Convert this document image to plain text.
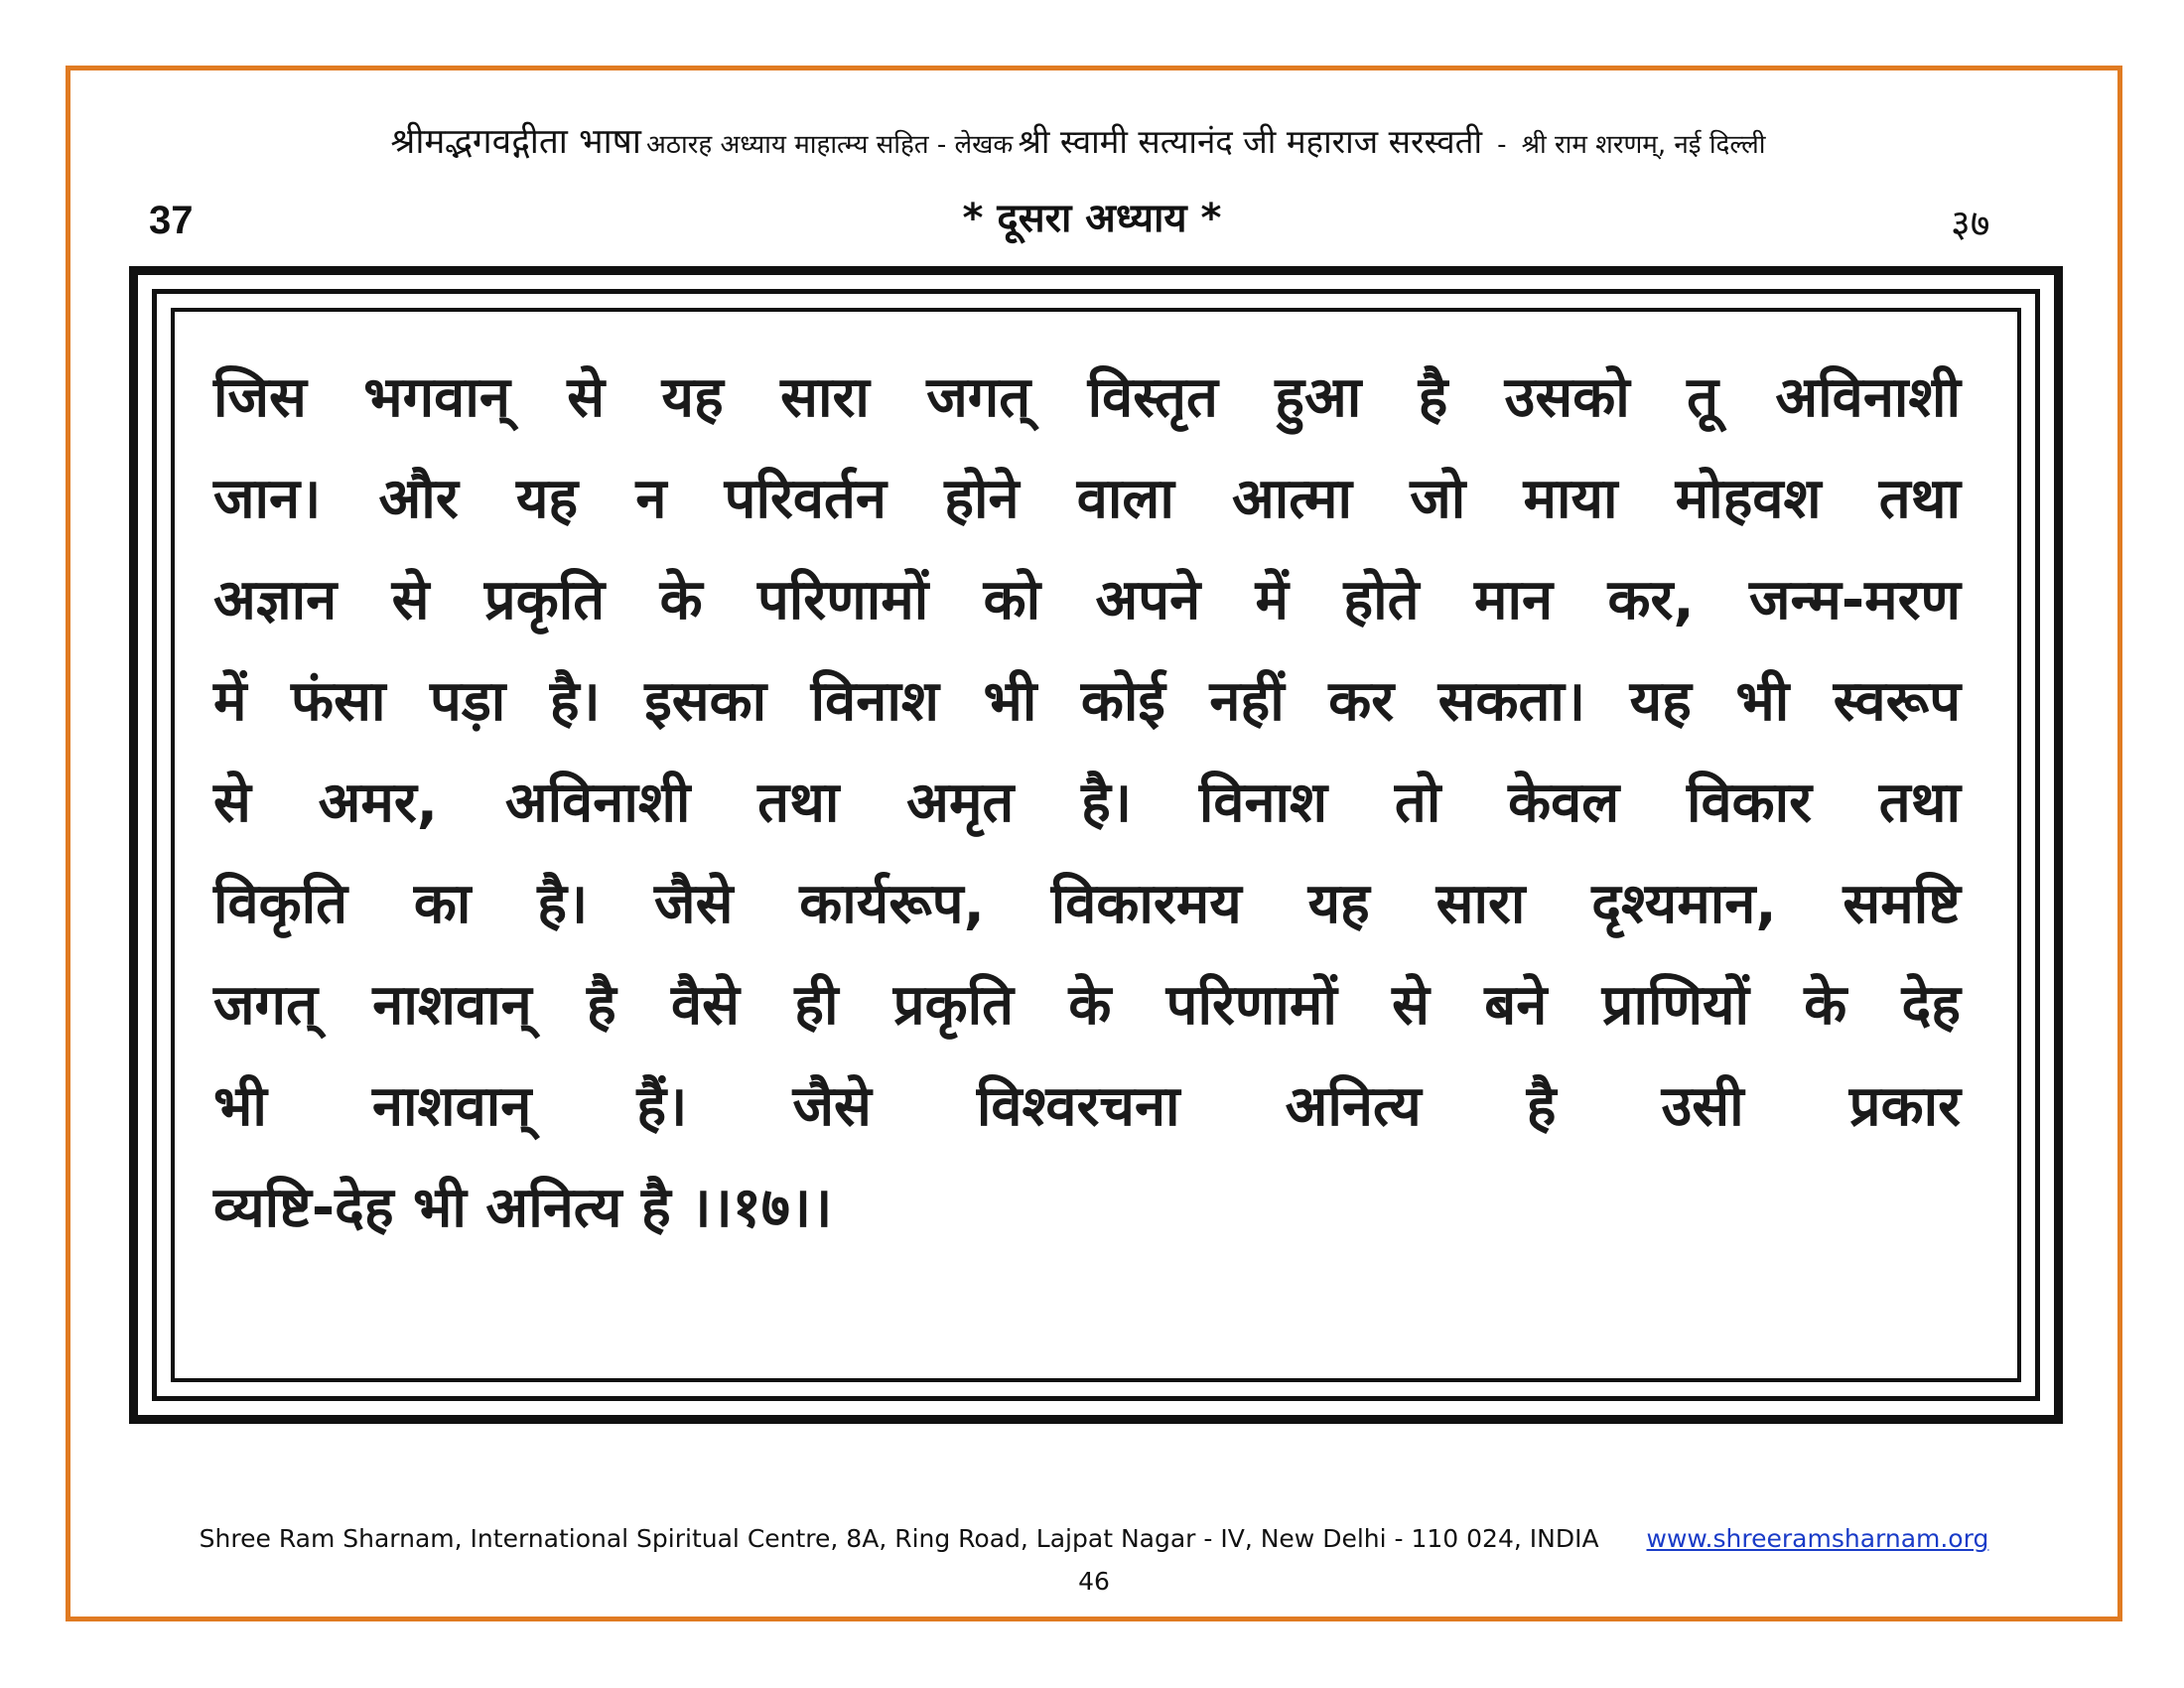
श्रीमद्भगवद्गीता भाषा अठारह अध्याय माहात्म्य सहित - लेखक श्री स्वामी सत्यानंद जी महाराज सरस्वती - श्री राम शरणम्, नई दिल्ली
37	* दूसरा अध्याय *	३७
जिस भगवान् से यह सारा जगत् विस्तृत हुआ है उसको तू अविनाशी
जान। और यह न परिवर्तन होने वाला आत्मा जो माया मोहवश तथा
अज्ञान से प्रकृति के परिणामों को अपने में होते मान कर, जन्म-मरण
में फंसा पड़ा है। इसका विनाश भी कोई नहीं कर सकता। यह भी स्वरूप
से अमर, अविनाशी तथा अमृत है। विनाश तो केवल विकार तथा
विकृति का है। जैसे कार्यरूप, विकारमय यह सारा दृश्यमान, समष्टि
जगत् नाशवान् है वैसे ही प्रकृति के परिणामों से बने प्राणियों के देह
भी नाशवान् हैं। जैसे विश्वरचना अनित्य है उसी प्रकार
व्यष्टि-देह भी अनित्य है ।।१७।।
Shree Ram Sharnam, International Spiritual Centre, 8A, Ring Road, Lajpat Nagar - IV, New Delhi - 110 024, INDIA www.shreeramsharnam.org
46
